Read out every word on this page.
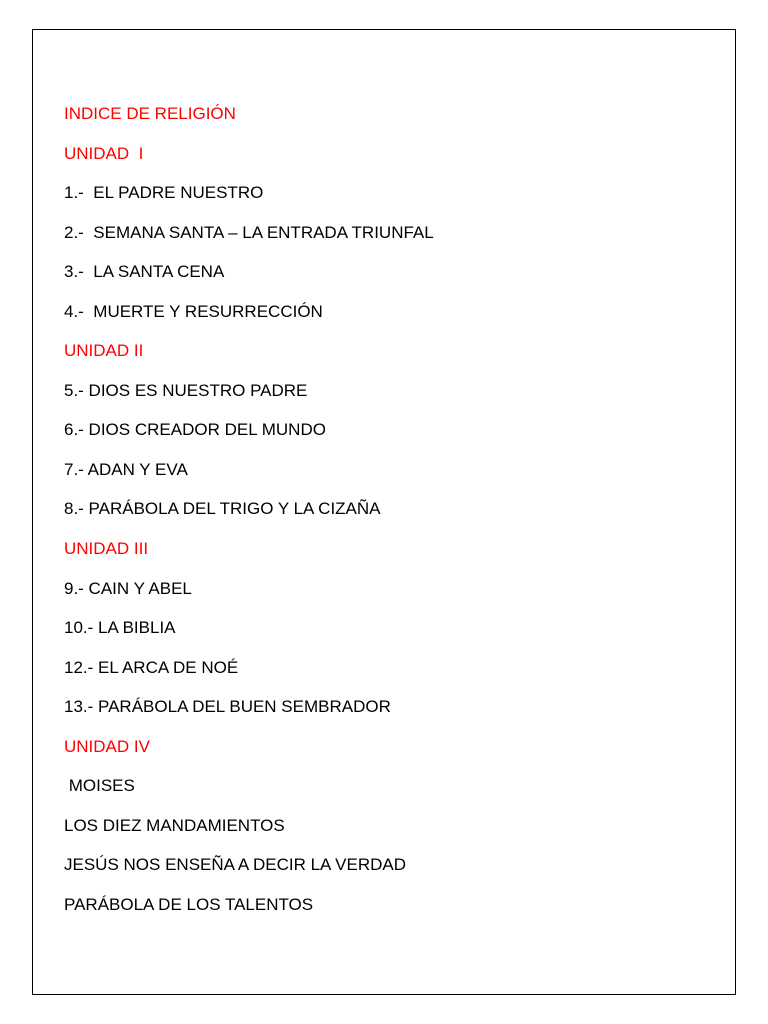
INDICE DE RELIGIÓN
UNIDAD  I
1.-  EL PADRE NUESTRO
2.-  SEMANA SANTA – LA ENTRADA TRIUNFAL
3.-  LA SANTA CENA
4.-  MUERTE Y RESURRECCIÓN
UNIDAD II
5.- DIOS ES NUESTRO PADRE
6.- DIOS CREADOR DEL MUNDO
7.- ADAN Y EVA
8.- PARÁBOLA DEL TRIGO Y LA CIZAÑA
UNIDAD III
9.- CAIN Y ABEL
10.- LA BIBLIA
12.- EL ARCA DE NOÉ
13.- PARÁBOLA DEL BUEN SEMBRADOR
UNIDAD IV
MOISES
LOS DIEZ MANDAMIENTOS
JESÚS NOS ENSEÑA A DECIR LA VERDAD
PARÁBOLA DE LOS TALENTOS
